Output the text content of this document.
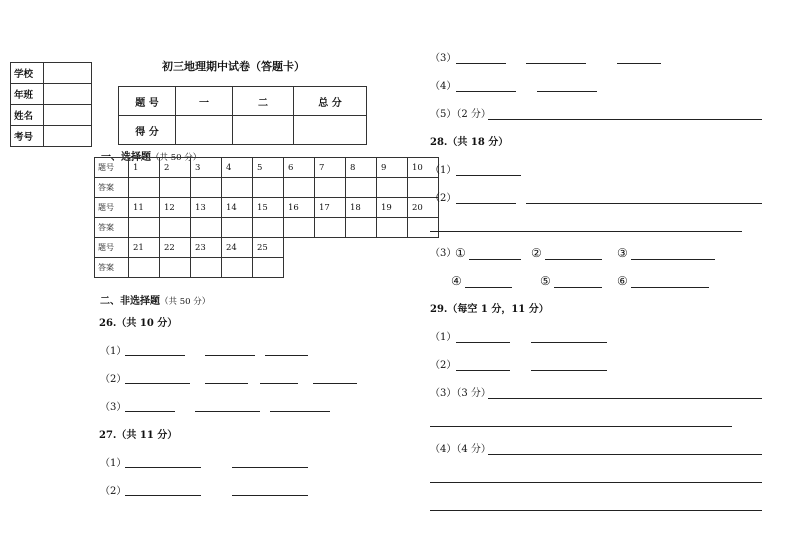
学校	
年班	
姓名	
考号	
初三地理期中试卷（答题卡）
题 号	一	二	总 分
得 分			
一、选择题（共 50 分）
题号	1	2	3	4	5	6	7	8	9	10
答案										
题号	11	12	13	14	15	16	17	18	19	20
答案										
题号	21	22	23	24	25					
答案										
二、非选择题（共 50 分）
26.（共 10 分）
（1）
（2）
（3）
27.（共 11 分）
（1）
（2）
（3）
（4）
（5）（2 分）
28.（共 18 分）
（1）
（2）
（3）
①	②	③
④	⑤	⑥
29.（每空 1 分，11 分）
（1）
（2）
（3）（3 分）
（4）（4 分）
